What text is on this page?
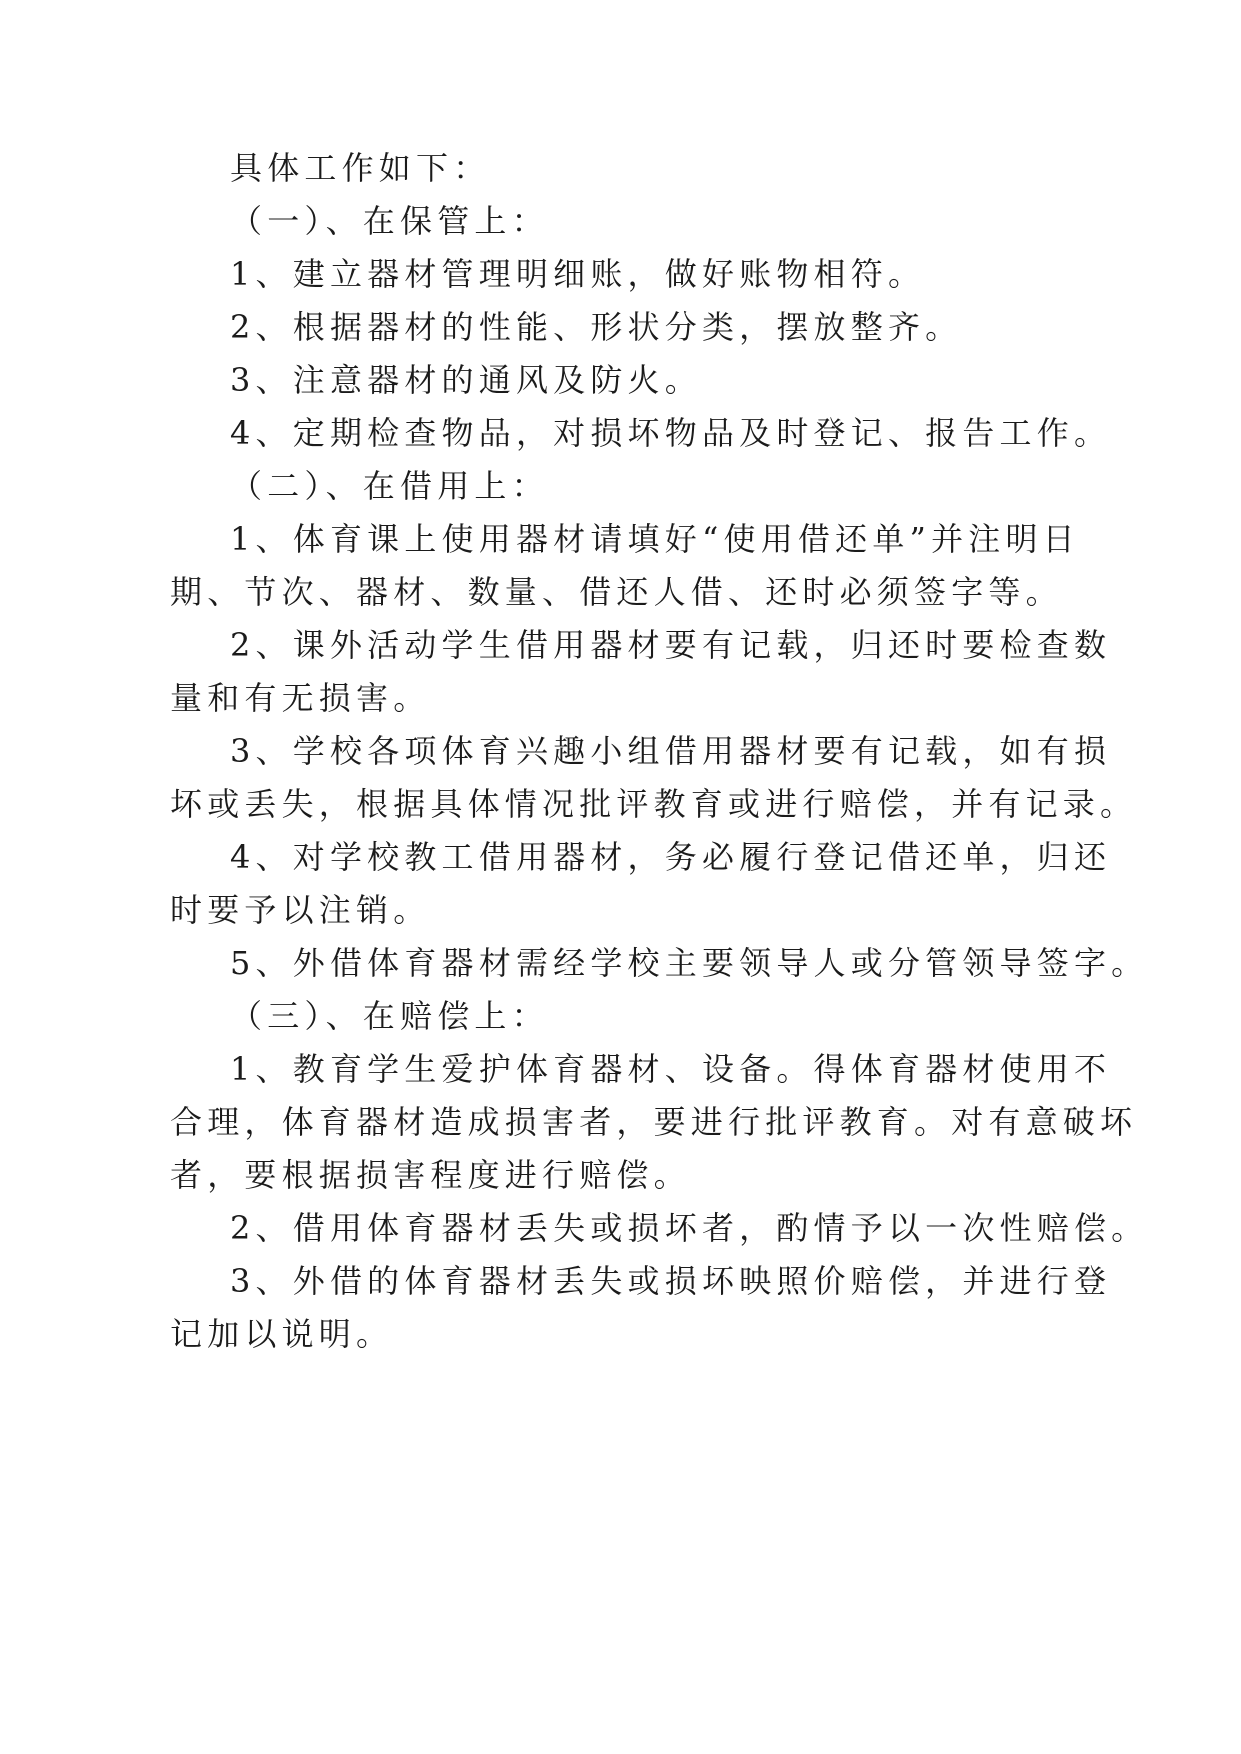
具体工作如下：

（一）、在保管上：

1、建立器材管理明细账，做好账物相符。

2、根据器材的性能、形状分类，摆放整齐。

3、注意器材的通风及防火。

4、定期检查物品，对损坏物品及时登记、报告工作。

（二）、在借用上：

1、体育课上使用器材请填好“使用借还单”并注明日

期、节次、器材、数量、借还人借、还时必须签字等。

2、课外活动学生借用器材要有记载，归还时要检查数

量和有无损害。

3、学校各项体育兴趣小组借用器材要有记载，如有损

坏或丢失，根据具体情况批评教育或进行赔偿，并有记录。

4、对学校教工借用器材，务必履行登记借还单，归还

时要予以注销。

5、外借体育器材需经学校主要领导人或分管领导签字。

（三）、在赔偿上：

1、教育学生爱护体育器材、设备。得体育器材使用不

合理，体育器材造成损害者，要进行批评教育。对有意破坏

者，要根据损害程度进行赔偿。

2、借用体育器材丢失或损坏者，酌情予以一次性赔偿。

3、外借的体育器材丢失或损坏映照价赔偿，并进行登

记加以说明。
